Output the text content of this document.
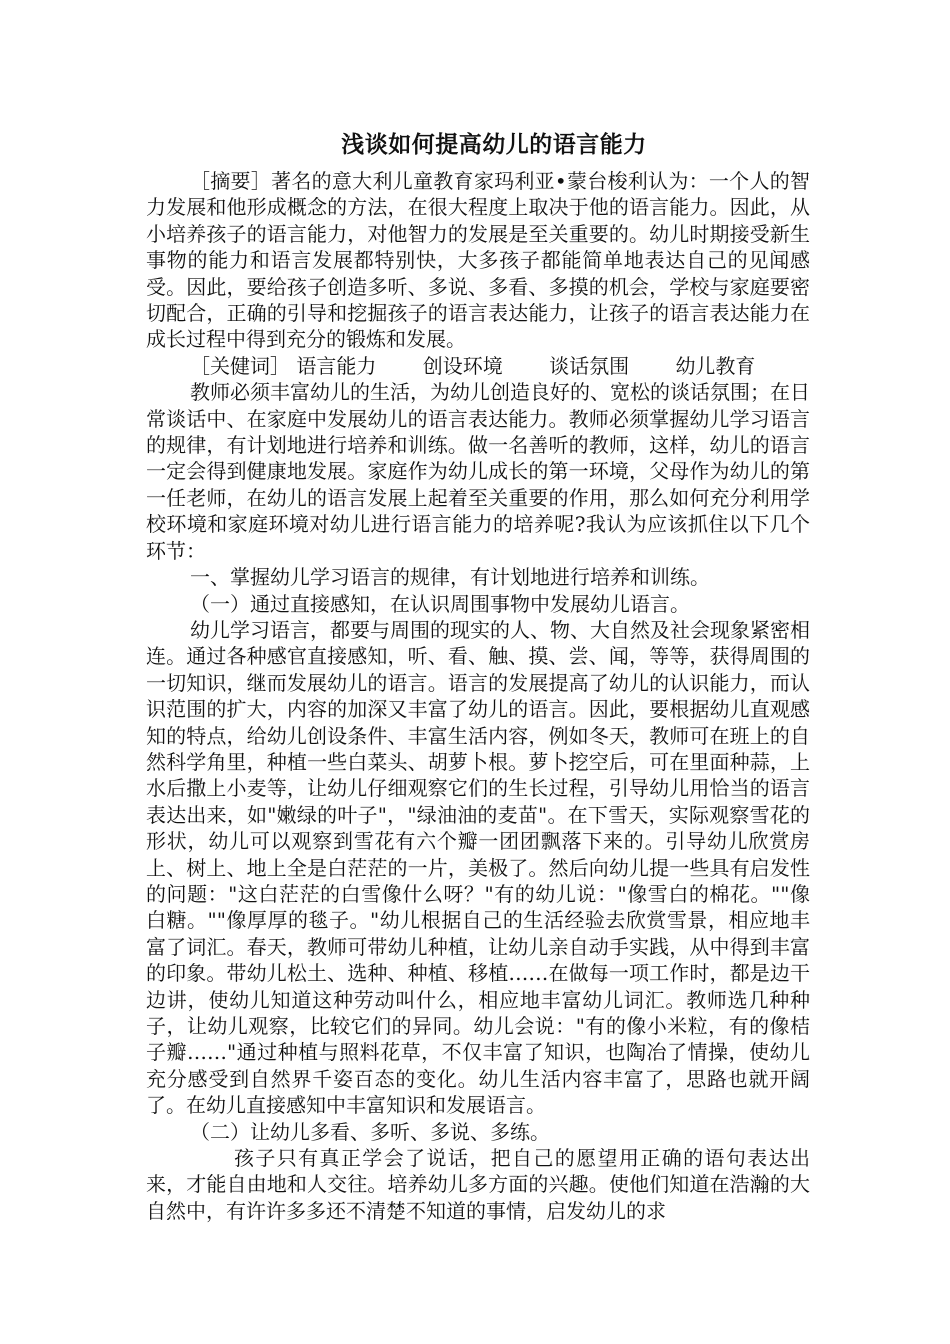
浅谈如何提高幼儿的语言能力

［摘要］著名的意大利儿童教育家玛利亚•蒙台梭利认为：一个人的智力发展和他形成概念的方法，在很大程度上取决于他的语言能力。因此，从小培养孩子的语言能力，对他智力的发展是至关重要的。幼儿时期接受新生事物的能力和语言发展都特别快，大多孩子都能简单地表达自己的见闻感受。因此，要给孩子创造多听、多说、多看、多摸的机会，学校与家庭要密切配合，正确的引导和挖掘孩子的语言表达能力，让孩子的语言表达能力在成长过程中得到充分的锻炼和发展。

［关健词］ 语言能力 创设环境 谈话氛围 幼儿教育

教师必须丰富幼儿的生活，为幼儿创造良好的、宽松的谈话氛围；在日常谈话中、在家庭中发展幼儿的语言表达能力。教师必须掌握幼儿学习语言的规律，有计划地进行培养和训练。做一名善听的教师，这样，幼儿的语言一定会得到健康地发展。家庭作为幼儿成长的第一环境，父母作为幼儿的第一任老师，在幼儿的语言发展上起着至关重要的作用，那么如何充分利用学校环境和家庭环境对幼儿进行语言能力的培养呢?我认为应该抓住以下几个环节：

一、掌握幼儿学习语言的规律，有计划地进行培养和训练。

（一）通过直接感知，在认识周围事物中发展幼儿语言。

幼儿学习语言，都要与周围的现实的人、物、大自然及社会现象紧密相连。通过各种感官直接感知，听、看、触、摸、尝、闻，等等，获得周围的一切知识，继而发展幼儿的语言。语言的发展提高了幼儿的认识能力，而认识范围的扩大，内容的加深又丰富了幼儿的语言。因此，要根据幼儿直观感知的特点，给幼儿创设条件、丰富生活内容，例如冬天，教师可在班上的自然科学角里，种植一些白菜头、胡萝卜根。萝卜挖空后，可在里面种蒜，上水后撒上小麦等，让幼儿仔细观察它们的生长过程，引导幼儿用恰当的语言表达出来，如"嫩绿的叶子"，"绿油油的麦苗"。在下雪天，实际观察雪花的形状，幼儿可以观察到雪花有六个瓣一团团飘落下来的。引导幼儿欣赏房上、树上、地上全是白茫茫的一片，美极了。然后向幼儿提一些具有启发性的问题："这白茫茫的白雪像什么呀？"有的幼儿说："像雪白的棉花。""像白糖。""像厚厚的毯子。"幼儿根据自己的生活经验去欣赏雪景，相应地丰富了词汇。春天，教师可带幼儿种植，让幼儿亲自动手实践，从中得到丰富的印象。带幼儿松土、选种、种植、移植……在做每一项工作时，都是边干边讲，使幼儿知道这种劳动叫什么，相应地丰富幼儿词汇。教师选几种种子，让幼儿观察，比较它们的异同。幼儿会说："有的像小米粒，有的像桔子瓣……"通过种植与照料花草，不仅丰富了知识，也陶冶了情操，使幼儿充分感受到自然界千姿百态的变化。幼儿生活内容丰富了，思路也就开阔了。在幼儿直接感知中丰富知识和发展语言。

（二）让幼儿多看、多听、多说、多练。

孩子只有真正学会了说话，把自己的愿望用正确的语句表达出来，才能自由地和人交往。培养幼儿多方面的兴趣。使他们知道在浩瀚的大自然中，有许许多多还不清楚不知道的事情，启发幼儿的求
